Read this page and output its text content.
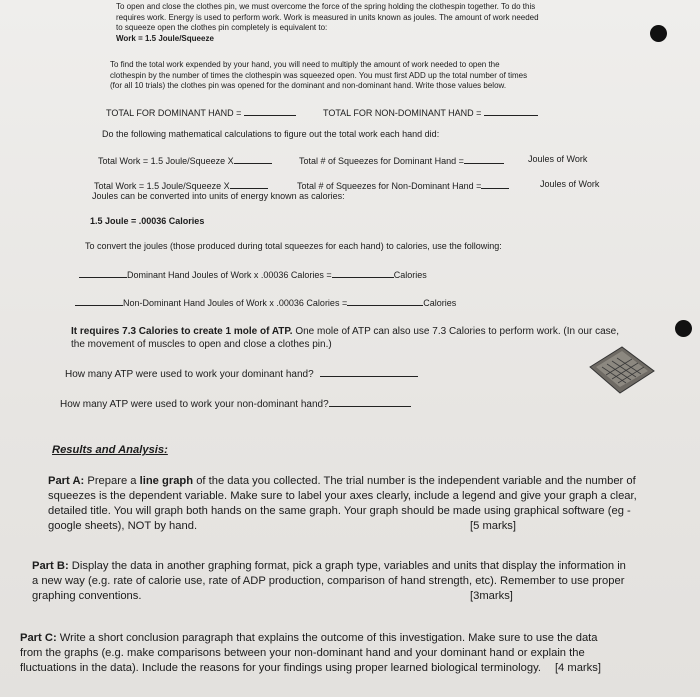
To open and close the clothes pin, we must overcome the force of the spring holding the clothespin together. To do this
requires work. Energy is used to perform work. Work is measured in units known as joules. The amount of work needed
to squeeze open the clothes pin completely is equivalent to:
Work = 1.5 Joule/Squeeze
To find the total work expended by your hand, you will need to multiply the amount of work needed to open the
clothespin by the number of times the clothespin was squeezed open. You must first ADD up the total number of times
(for all 10 trials) the clothes pin was opened for the dominant and non-dominant hand. Write those values below.
TOTAL FOR DOMINANT HAND =	TOTAL FOR NON-DOMINANT HAND =
Do the following mathematical calculations to figure out the total work each hand did:
Total Work = 1.5 Joule/Squeeze X	Total # of Squeezes for Dominant Hand =	Joules of Work
Total Work = 1.5 Joule/Squeeze X	Total # of Squeezes for Non-Dominant Hand =	Joules of Work
Joules can be converted into units of energy known as calories:
1.5 Joule = .00036 Calories
To convert the joules (those produced during total squeezes for each hand) to calories, use the following:
Dominant Hand Joules of Work x .00036 Calories =	Calories
Non-Dominant Hand Joules of Work x .00036 Calories =	Calories
It requires 7.3 Calories to create 1 mole of ATP. One mole of ATP can also use 7.3 Calories to perform work. (In our case,
the movement of muscles to open and close a clothes pin.)
How many ATP were used to work your dominant hand?
How many ATP were used to work your non-dominant hand?
Results and Analysis:
Part A: Prepare a line graph of the data you collected. The trial number is the independent variable and the number of
squeezes is the dependent variable. Make sure to label your axes clearly, include a legend and give your graph a clear,
detailed title. You will graph both hands on the same graph. Your graph should be made using graphical software (eg -
google sheets), NOT by hand.	[5 marks]
Part B: Display the data in another graphing format, pick a graph type, variables and units that display the information in
a new way (e.g. rate of calorie use, rate of ADP production, comparison of hand strength, etc). Remember to use proper
graphing conventions.	[3marks]
Part C: Write a short conclusion paragraph that explains the outcome of this investigation. Make sure to use the data
from the graphs (e.g. make comparisons between your non-dominant hand and your dominant hand or explain the
fluctuations in the data). Include the reasons for your findings using proper learned biological terminology. [4 marks]
